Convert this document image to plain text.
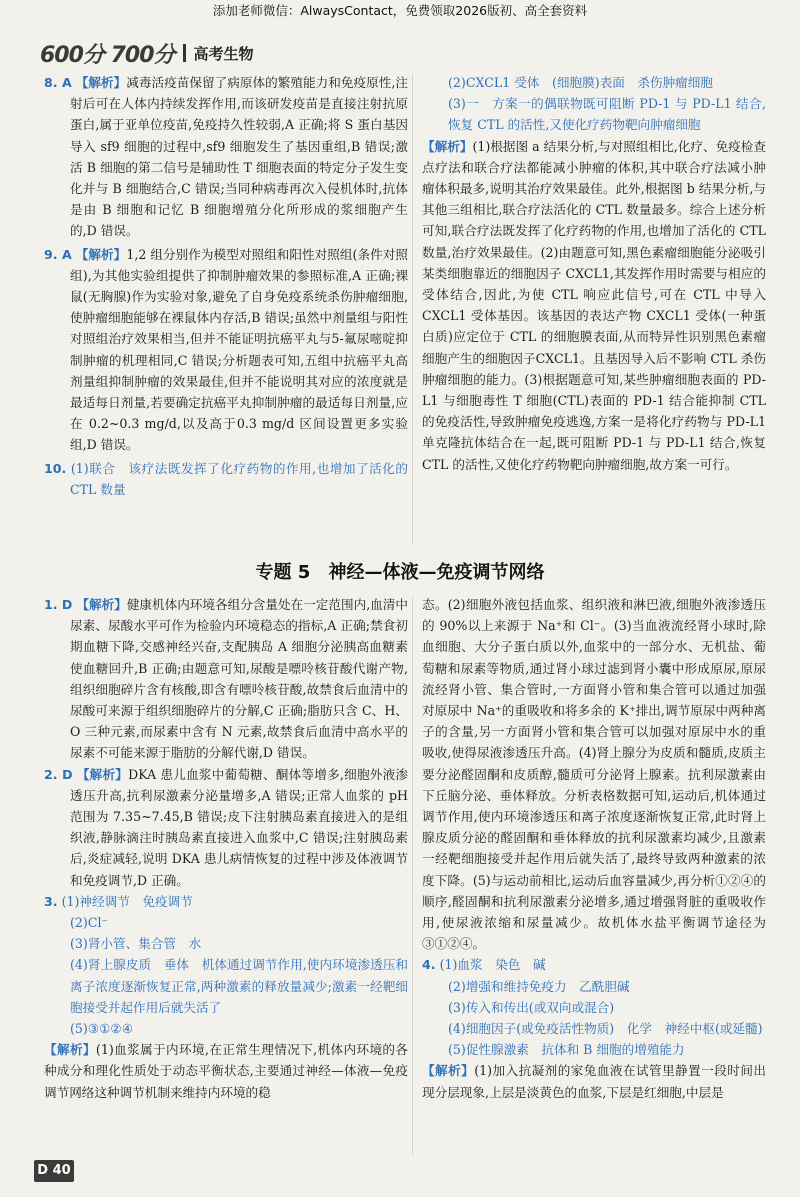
添加老师微信：AlwaysContact，免费领取2026版初、高全套资料
600分 700分 高考生物

8. A 【解析】减毒活疫苗保留了病原体的繁殖能力和免疫原性,注射后可在人体内持续发挥作用,而该研发疫苗是直接注射抗原蛋白,属于亚单位疫苗,免疫持久性较弱,A 正确;将 S 蛋白基因导入 sf9 细胞的过程中,sf9 细胞发生了基因重组,B 错误;激活 B 细胞的第二信号是辅助性 T 细胞表面的特定分子发生变化并与 B 细胞结合,C 错误;当同种病毒再次入侵机体时,抗体是由 B 细胞和记忆 B 细胞增殖分化所形成的浆细胞产生的,D 错误。

9. A 【解析】1,2 组分别作为模型对照组和阳性对照组(条件对照组),为其他实验组提供了抑制肿瘤效果的参照标准,A 正确;裸鼠(无胸腺)作为实验对象,避免了自身免疫系统杀伤肿瘤细胞,使肿瘤细胞能够在裸鼠体内存活,B 错误;虽然中剂量组与阳性对照组治疗效果相当,但并不能证明抗癌平丸与5-氟尿嘧啶抑制肿瘤的机理相同,C 错误;分析题表可知,五组中抗癌平丸高剂量组抑制肿瘤的效果最佳,但并不能说明其对应的浓度就是最适每日剂量,若要确定抗癌平丸抑制肿瘤的最适每日剂量,应在 0.2~0.3 mg/d,以及高于0.3 mg/d 区间设置更多实验组,D 错误。

10. (1)联合　该疗法既发挥了化疗药物的作用,也增加了活化的 CTL 数量

(2)CXCL1 受体　(细胞膜)表面　杀伤肿瘤细胞

(3)一　方案一的偶联物既可阻断 PD-1 与 PD-L1 结合,恢复 CTL 的活性,又使化疗药物靶向肿瘤细胞

【解析】(1)根据图 a 结果分析,与对照组相比,化疗、免疫检查点疗法和联合疗法都能减小肿瘤的体积,其中联合疗法减小肿瘤体积最多,说明其治疗效果最佳。此外,根据图 b 结果分析,与其他三组相比,联合疗法活化的 CTL 数量最多。综合上述分析可知,联合疗法既发挥了化疗药物的作用,也增加了活化的 CTL 数量,治疗效果最佳。(2)由题意可知,黑色素瘤细胞能分泌吸引某类细胞靠近的细胞因子 CXCL1,其发挥作用时需要与相应的受体结合,因此,为使 CTL 响应此信号,可在 CTL 中导入 CXCL1 受体基因。该基因的表达产物 CXCL1 受体(一种蛋白质)应定位于 CTL 的细胞膜表面,从而特异性识别黑色素瘤细胞产生的细胞因子CXCL1。且基因导入后不影响 CTL 杀伤肿瘤细胞的能力。(3)根据题意可知,某些肿瘤细胞表面的 PD-L1 与细胞毒性 T 细胞(CTL)表面的 PD-1 结合能抑制 CTL 的免疫活性,导致肿瘤免疫逃逸,方案一是将化疗药物与 PD-L1 单克隆抗体结合在一起,既可阻断 PD-1 与 PD-L1 结合,恢复 CTL 的活性,又使化疗药物靶向肿瘤细胞,故方案一可行。

专题 5 神经—体液—免疫调节网络

1. D 【解析】健康机体内环境各组分含量处在一定范围内,血清中尿素、尿酸水平可作为检验内环境稳态的指标,A 正确;禁食初期血糖下降,交感神经兴奋,支配胰岛 A 细胞分泌胰高血糖素使血糖回升,B 正确;由题意可知,尿酸是嘌呤核苷酸代谢产物,组织细胞碎片含有核酸,即含有嘌呤核苷酸,故禁食后血清中的尿酸可来源于组织细胞碎片的分解,C 正确;脂肪只含 C、H、O 三种元素,而尿素中含有 N 元素,故禁食后血清中高水平的尿素不可能来源于脂肪的分解代谢,D 错误。

2. D 【解析】DKA 患儿血浆中葡萄糖、酮体等增多,细胞外液渗透压升高,抗利尿激素分泌量增多,A 错误;正常人血浆的 pH 范围为 7.35~7.45,B 错误;皮下注射胰岛素直接进入的是组织液,静脉滴注时胰岛素直接进入血浆中,C 错误;注射胰岛素后,炎症减轻,说明 DKA 患儿病情恢复的过程中涉及体液调节和免疫调节,D 正确。

3. (1)神经调节　免疫调节

(2)Cl⁻

(3)肾小管、集合管　水

(4)肾上腺皮质　垂体　机体通过调节作用,使内环境渗透压和离子浓度逐渐恢复正常,两种激素的释放量减少;激素一经靶细胞接受并起作用后就失活了

(5)③①②④

【解析】(1)血浆属于内环境,在正常生理情况下,机体内环境的各种成分和理化性质处于动态平衡状态,主要通过神经—体液—免疫调节网络这种调节机制来维持内环境的稳

态。(2)细胞外液包括血浆、组织液和淋巴液,细胞外液渗透压的 90%以上来源于 Na⁺和 Cl⁻。(3)当血液流经肾小球时,除血细胞、大分子蛋白质以外,血浆中的一部分水、无机盐、葡萄糖和尿素等物质,通过肾小球过滤到肾小囊中形成原尿,原尿流经肾小管、集合管时,一方面肾小管和集合管可以通过加强对原尿中 Na⁺的重吸收和将多余的 K⁺排出,调节原尿中两种离子的含量,另一方面肾小管和集合管可以加强对原尿中水的重吸收,使得尿液渗透压升高。(4)肾上腺分为皮质和髓质,皮质主要分泌醛固酮和皮质醇,髓质可分泌肾上腺素。抗利尿激素由下丘脑分泌、垂体释放。分析表格数据可知,运动后,机体通过调节作用,使内环境渗透压和离子浓度逐渐恢复正常,此时肾上腺皮质分泌的醛固酮和垂体释放的抗利尿激素均减少,且激素一经靶细胞接受并起作用后就失活了,最终导致两种激素的浓度下降。(5)与运动前相比,运动后血容量减少,再分析①②④的顺序,醛固酮和抗利尿激素分泌增多,通过增强肾脏的重吸收作用,使尿液浓缩和尿量减少。故机体水盐平衡调节途径为③①②④。

4. (1)血浆　染色　碱

(2)增强和维持免疫力　乙酰胆碱

(3)传入和传出(或双向或混合)

(4)细胞因子(或免疫活性物质)　化学　神经中枢(或延髓)

(5)促性腺激素　抗体和 B 细胞的增殖能力

【解析】(1)加入抗凝剂的家兔血液在试管里静置一段时间出现分层现象,上层是淡黄色的血浆,下层是红细胞,中层是

D 40
